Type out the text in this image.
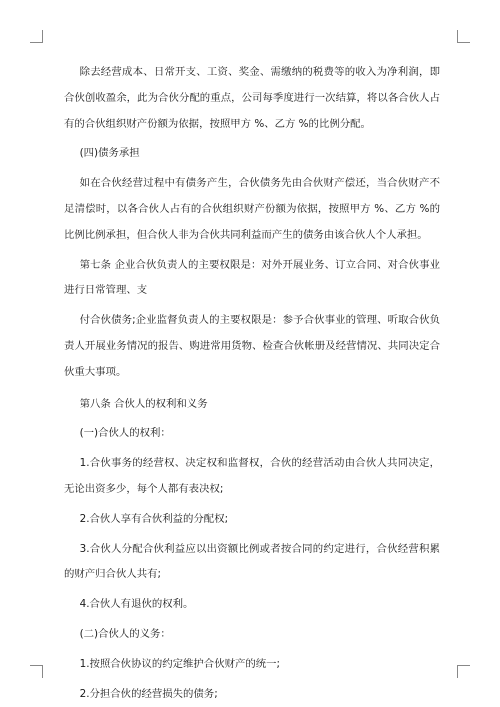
除去经营成本、日常开支、工资、奖金、需缴纳的税费等的收入为净利润，即合伙创收盈余，此为合伙分配的重点，公司每季度进行一次结算，将以各合伙人占有的合伙组织财产份额为依据，按照甲方 %、乙方 %的比例分配。

(四)债务承担

如在合伙经营过程中有债务产生，合伙债务先由合伙财产偿还，当合伙财产不足清偿时，以各合伙人占有的合伙组织财产份额为依据，按照甲方 %、乙方 %的比例比例承担，但合伙人非为合伙共同利益而产生的债务由该合伙人个人承担。

第七条 企业合伙负责人的主要权限是：对外开展业务、订立合同、对合伙事业进行日常管理、支

付合伙债务;企业监督负责人的主要权限是：参予合伙事业的管理、听取合伙负责人开展业务情况的报告、购进常用货物、检查合伙帐册及经营情况、共同决定合伙重大事项。

第八条 合伙人的权利和义务

(一)合伙人的权利：

1.合伙事务的经营权、决定权和监督权，合伙的经营活动由合伙人共同决定，无论出资多少，每个人都有表决权;

2.合伙人享有合伙利益的分配权;

3.合伙人分配合伙利益应以出资额比例或者按合同的约定进行，合伙经营积累的财产归合伙人共有;

4.合伙人有退伙的权利。

(二)合伙人的义务：

1.按照合伙协议的约定维护合伙财产的统一;

2.分担合伙的经营损失的债务;
